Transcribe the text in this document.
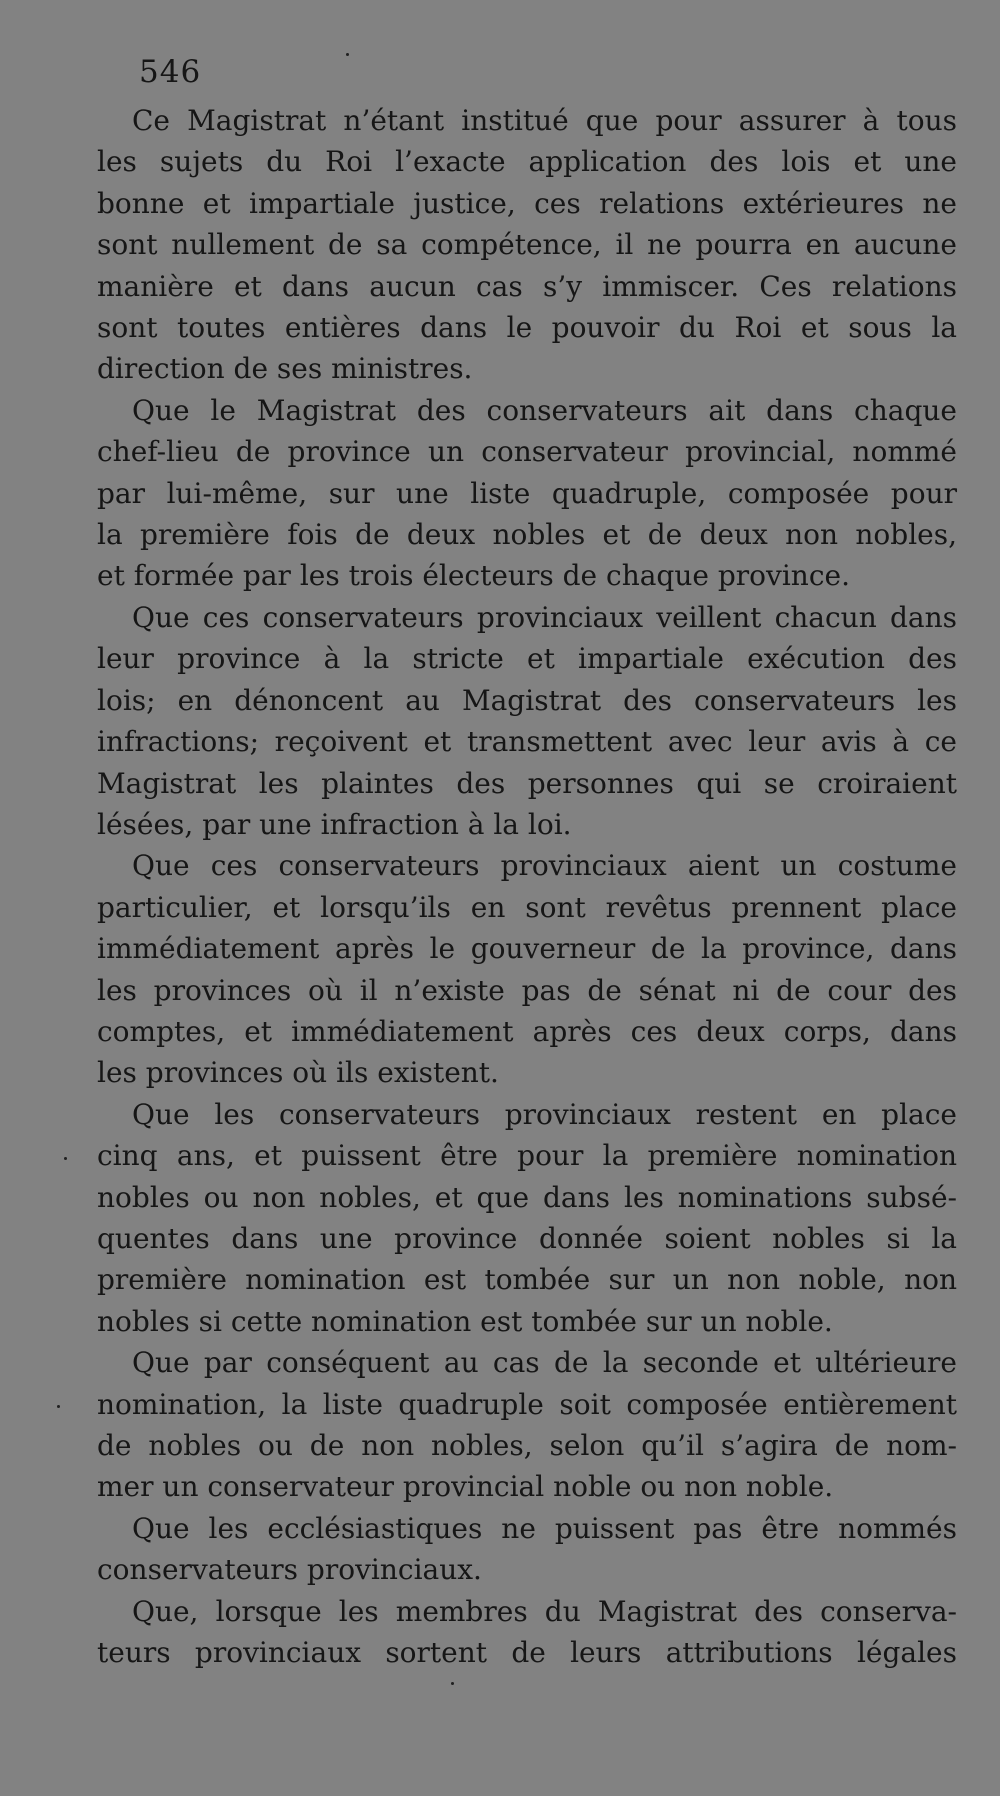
546
Ce Magistrat n’étant institué que pour assurer à tous
les sujets du Roi l’exacte application des lois et une
bonne et impartiale justice, ces relations extérieures ne
sont nullement de sa compétence, il ne pourra en aucune
manière et dans aucun cas s’y immiscer. Ces relations
sont toutes entières dans le pouvoir du Roi et sous la
direction de ses ministres.
Que le Magistrat des conservateurs ait dans chaque
chef-lieu de province un conservateur provincial, nommé
par lui-même, sur une liste quadruple, composée pour
la première fois de deux nobles et de deux non nobles,
et formée par les trois électeurs de chaque province.
Que ces conservateurs provinciaux veillent chacun dans
leur province à la stricte et impartiale exécution des
lois; en dénoncent au Magistrat des conservateurs les
infractions; reçoivent et transmettent avec leur avis à ce
Magistrat les plaintes des personnes qui se croiraient
lésées, par une infraction à la loi.
Que ces conservateurs provinciaux aient un costume
particulier, et lorsqu’ils en sont revêtus prennent place
immédiatement après le gouverneur de la province, dans
les provinces où il n’existe pas de sénat ni de cour des
comptes, et immédiatement après ces deux corps, dans
les provinces où ils existent.
Que les conservateurs provinciaux restent en place
cinq ans, et puissent être pour la première nomination
nobles ou non nobles, et que dans les nominations subsé-
quentes dans une province donnée soient nobles si la
première nomination est tombée sur un non noble, non
nobles si cette nomination est tombée sur un noble.
Que par conséquent au cas de la seconde et ultérieure
nomination, la liste quadruple soit composée entièrement
de nobles ou de non nobles, selon qu’il s’agira de nom-
mer un conservateur provincial noble ou non noble.
Que les ecclésiastiques ne puissent pas être nommés
conservateurs provinciaux.
Que, lorsque les membres du Magistrat des conserva-
teurs provinciaux sortent de leurs attributions légales
